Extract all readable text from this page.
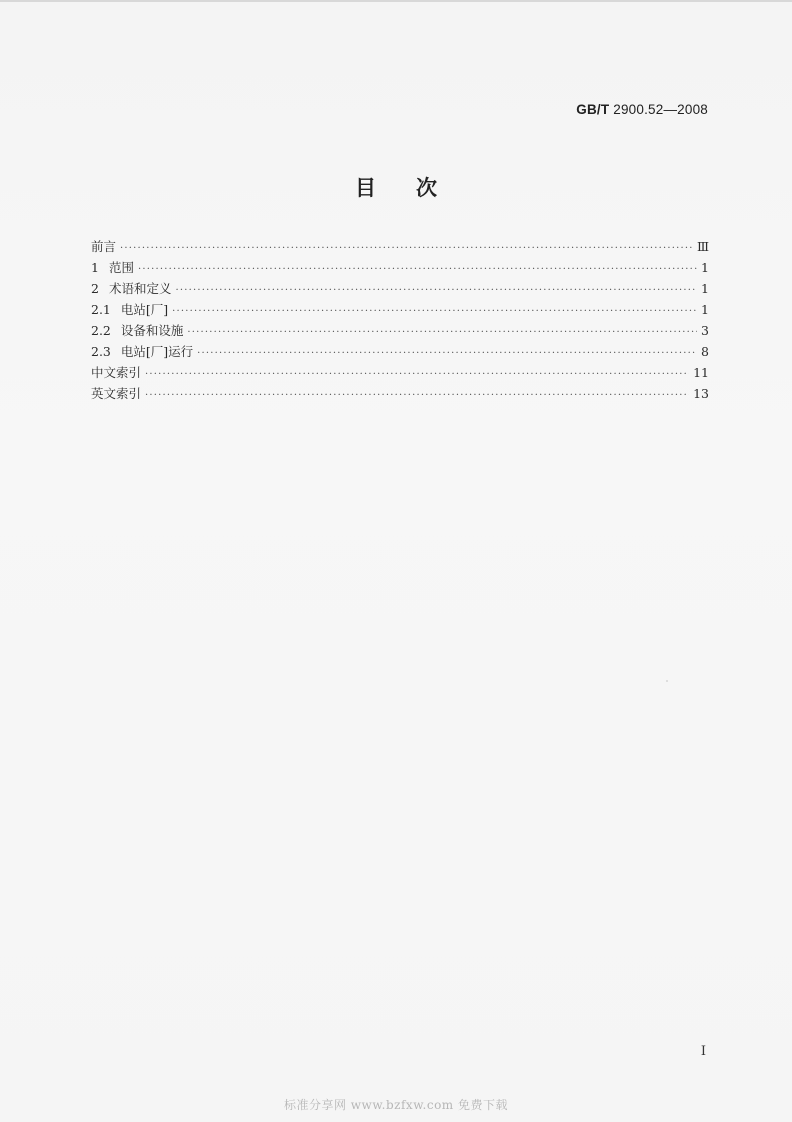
GB/T 2900.52—2008
目次
前言 ·····	Ⅲ
1 范围 ·····	1
2 术语和定义 ·····	1
2.1 电站[厂] ·····	1
2.2 设备和设施 ·····	3
2.3 电站[厂]运行 ·····	8
中文索引 ·····	11
英文索引 ·····	13
I
标准分享网 www.bzfxw.com 免费下载
